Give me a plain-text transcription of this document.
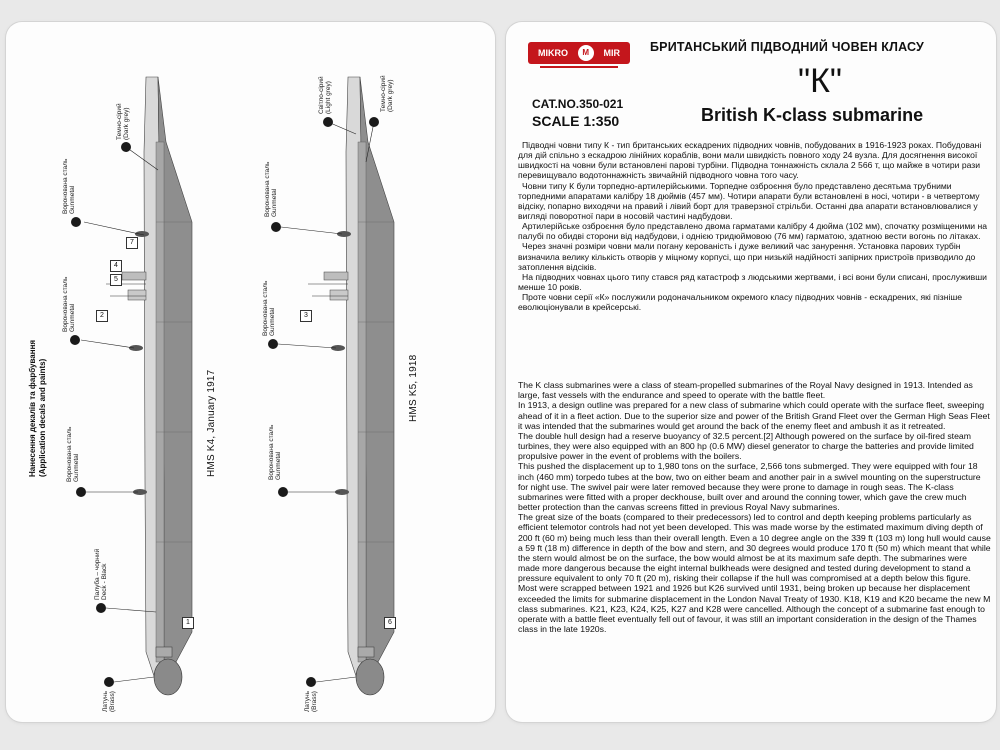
Нанесення декалів та фарбування (Application decals and paints)
2
4
5
7
1
3
6
Темно-сірий
(Dark grey)
Воронована сталь
Gunmetal
Воронована сталь
Gunmetal
Воронована сталь
Gunmetal
Палуба – чорний
Deck - Black
Латунь
(Brass)
HMS K4, January 1917
Світло-сірий
(Light grey)	Темно-сірий
(Dark grey)
Воронована сталь
Gunmetal
Воронована сталь
Gunmetal
Воронована сталь
Gunmetal
Латунь
(Brass)
HMS K5, 1918
MIKRO	M	MIR
CAT.NO.350-021
SCALE 1:350
БРИТАНСЬКИЙ ПІДВОДНИЙ ЧОВЕН КЛАСУ
"К"
British K-class submarine

Підводні човни типу К - тип британських ескадрених підводних човнів, побудованих в 1916-1923 роках. Побудовані для дій спільно з ескадрою лінійних кораблів, вони мали швидкість повного ходу 24 вузла. Для досягнення високої швидкості на човни були встановлені парові турбіни. Підводна тоннажність склала 2 566 т, що майже в чотири рази перевищувало водотоннажність звичайній підводного човна того часу.

Човни типу К були торпедно-артилерійськими. Торпедне озброєння було представлено десятьма трубними торпедними апаратами калібру 18 дюймів (457 мм). Чотири апарати були встановлені в носі, чотири - в четвертому відсіку, попарно виходячи на правий і лівий борт для траверзної стрільби. Останні два апарати встановлювалися у вигляді поворотної пари в носовій частині надбудови.

Артилерійське озброєння було представлено двома гарматами калібру 4 дюйма (102 мм), спочатку розміщеними на палубі по обидві сторони від надбудови, і однією тридюймовою (76 мм) гарматою, здатною вести вогонь по літаках.

Через значні розміри човни мали погану керованість і дуже великий час занурення. Установка парових турбін визначила велику кількість отворів у міцному корпусі, що при низькій надійності запірних пристроїв призводило до затоплення відсіків.

На підводних човнах цього типу стався ряд катастроф з людськими жертвами, і всі вони були списані, прослуживши менше 10 років.

Проте човни серії «К» послужили родоначальником окремого класу підводних човнів - ескадрених, які пізніше еволюціонували в крейсерські.

The K class submarines were a class of steam-propelled submarines of the Royal Navy designed in 1913. Intended as large, fast vessels with the endurance and speed to operate with the battle fleet.

In 1913, a design outline was prepared for a new class of submarine which could operate with the surface fleet, sweeping ahead of it in a fleet action. Due to the superior size and power of the British Grand Fleet over the German High Seas Fleet it was intended that the submarines would get around the back of the enemy fleet and ambush it as it retreated.

The double hull design had a reserve buoyancy of 32.5 percent.[2] Although powered on the surface by oil-fired steam turbines, they were also equipped with an 800 hp (0.6 MW) diesel generator to charge the batteries and provide limited propulsive power in the event of problems with the boilers.

This pushed the displacement up to 1,980 tons on the surface, 2,566 tons submerged. They were equipped with four 18 inch (460 mm) torpedo tubes at the bow, two on either beam and another pair in a swivel mounting on the superstructure for night use. The swivel pair were later removed because they were prone to damage in rough seas. The K-class submarines were fitted with a proper deckhouse, built over and around the conning tower, which gave the crew much better protection than the canvas screens fitted in previous Royal Navy submarines.

The great size of the boats (compared to their predecessors) led to control and depth keeping problems particularly as efficient telemotor controls had not yet been developed. This was made worse by the estimated maximum diving depth of 200 ft (60 m) being much less than their overall length. Even a 10 degree angle on the 339 ft (103 m) long hull would cause a 59 ft (18 m) difference in depth of the bow and stern, and 30 degrees would produce 170 ft (50 m) which meant that while the stern would almost be on the surface, the bow would almost be at its maximum safe depth. The submarines were made more dangerous because the eight internal bulkheads were designed and tested during development to stand a pressure equivalent to only 70 ft (20 m), risking their collapse if the hull was compromised at a depth below this figure.

Most were scrapped between 1921 and 1926 but K26 survived until 1931, being broken up because her displacement exceeded the limits for submarine displacement in the London Naval Treaty of 1930. K18, K19 and K20 became the new M class submarines. K21, K23, K24, K25, K27 and K28 were cancelled. Although the concept of a submarine fast enough to operate with a battle fleet eventually fell out of favour, it was still an important consideration in the design of the Thames class in the late 1920s.
